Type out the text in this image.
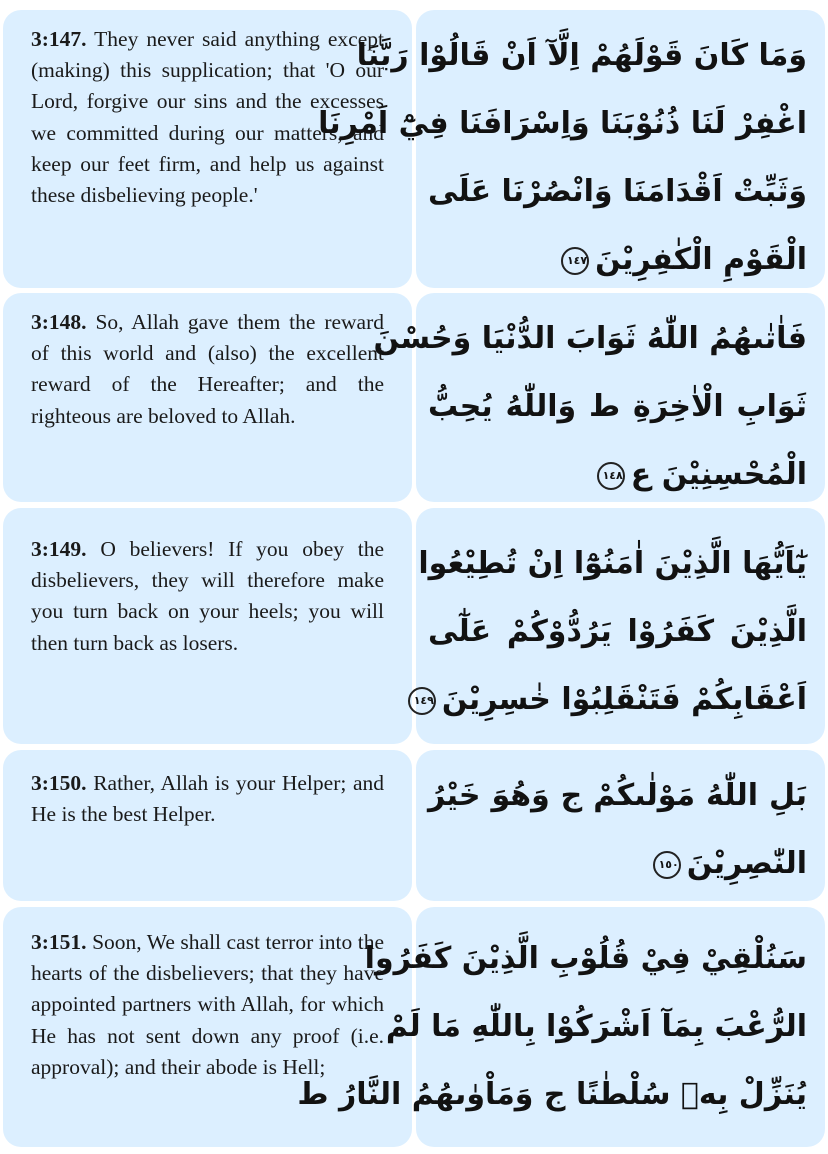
3:147. They never said anything except (making) this supplication; that 'O our Lord, forgive our sins and the excesses we committed during our matters, and keep our feet firm, and help us against these disbelieving people.'

وَمَا كَانَ قَوْلَهُمْ اِلَّآ اَنْ قَالُوْا رَبَّنَا
اغْفِرْ لَنَا ذُنُوْبَنَا وَاِسْرَافَنَا فِيْٓ اَمْرِنَا
وَثَبِّتْ اَقْدَامَنَا وَانْصُرْنَا عَلَى
الْقَوْمِ الْكٰفِرِيْنَ١٤٧

3:148. So, Allah gave them the reward of this world and (also) the excellent reward of the Hereafter; and the righteous are beloved to Allah.

فَاٰتٰىهُمُ اللّٰهُ ثَوَابَ الدُّنْيَا وَحُسْنَ
ثَوَابِ الْاٰخِرَةِ ط وَاللّٰهُ يُحِبُّ
الْمُحْسِنِيْنَ ع١٤٨

3:149. O believers! If you obey the disbelievers, they will therefore make you turn back on your heels; you will then turn back as losers.

يٰٓاَيُّهَا الَّذِيْنَ اٰمَنُوْٓا اِنْ تُطِيْعُوا
الَّذِيْنَ كَفَرُوْا يَرُدُّوْكُمْ عَلٰٓى
اَعْقَابِكُمْ فَتَنْقَلِبُوْا خٰسِرِيْنَ١٤٩

3:150. Rather, Allah is your Helper; and He is the best Helper.

بَلِ اللّٰهُ مَوْلٰىكُمْ ج وَهُوَ خَيْرُ
النّٰصِرِيْنَ١٥٠

3:151. Soon, We shall cast terror into the hearts of the disbelievers; that they have appointed partners with Allah, for which He has not sent down any proof (i.e. approval); and their abode is Hell;

سَنُلْقِيْ فِيْ قُلُوْبِ الَّذِيْنَ كَفَرُوا
الرُّعْبَ بِمَآ اَشْرَكُوْا بِاللّٰهِ مَا لَمْ
يُنَزِّلْ بِهٖ سُلْطٰنًا ج وَمَاْوٰىهُمُ النَّارُ ط
